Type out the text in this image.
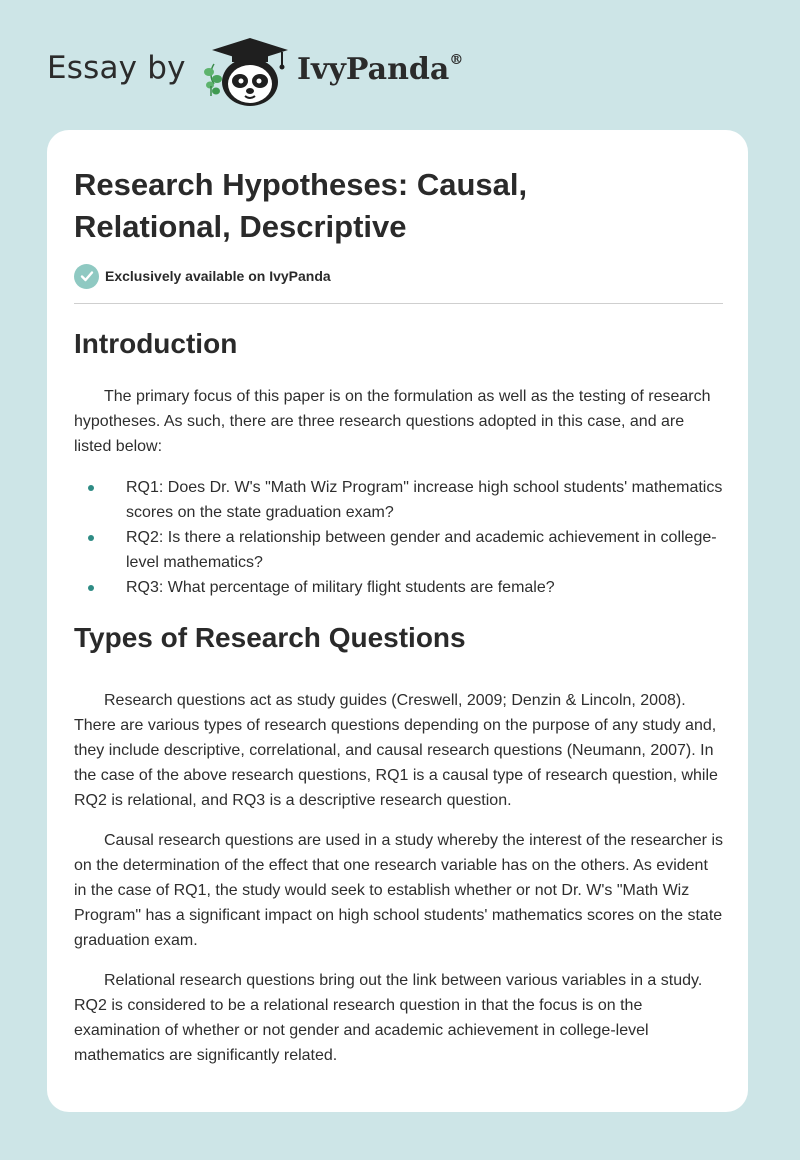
Essay by	IvyPanda®
Research Hypotheses: Causal, Relational, Descriptive
Exclusively available on IvyPanda
Introduction

The primary focus of this paper is on the formulation as well as the testing of research hypotheses. As such, there are three research questions adopted in this case, and are listed below:

RQ1: Does Dr. W's "Math Wiz Program" increase high school students' mathematics scores on the state graduation exam?
RQ2: Is there a relationship between gender and academic achievement in college-level mathematics?
RQ3: What percentage of military flight students are female?
Types of Research Questions

Research questions act as study guides (Creswell, 2009; Denzin & Lincoln, 2008). There are various types of research questions depending on the purpose of any study and, they include descriptive, correlational, and causal research questions (Neumann, 2007). In the case of the above research questions, RQ1 is a causal type of research question, while RQ2 is relational, and RQ3 is a descriptive research question.

Causal research questions are used in a study whereby the interest of the researcher is on the determination of the effect that one research variable has on the others. As evident in the case of RQ1, the study would seek to establish whether or not Dr. W's "Math Wiz Program" has a significant impact on high school students' mathematics scores on the state graduation exam.

Relational research questions bring out the link between various variables in a study. RQ2 is considered to be a relational research question in that the focus is on the examination of whether or not gender and academic achievement in college-level mathematics are significantly related.
